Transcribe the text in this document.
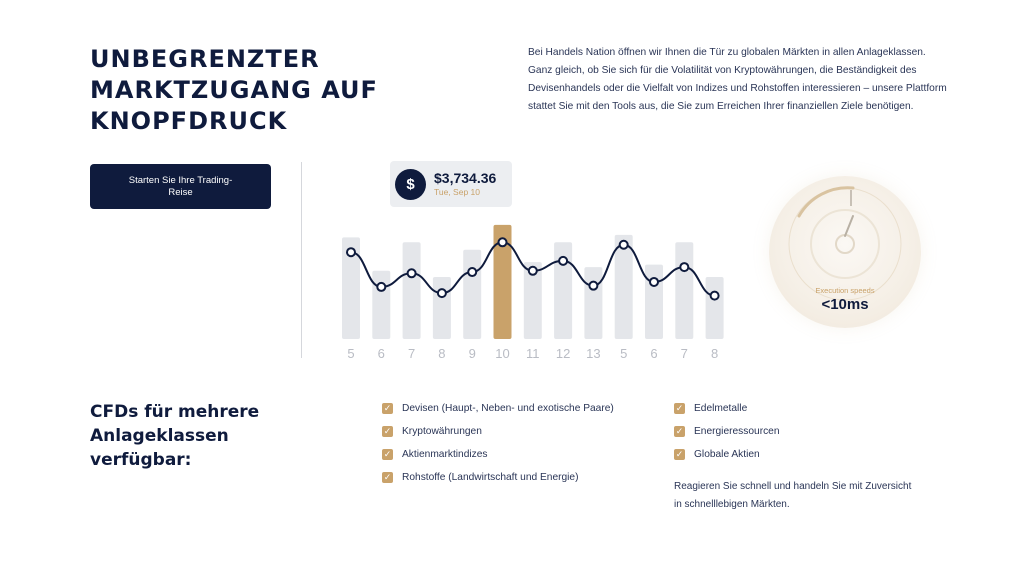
UNBEGRENZTER
MARKTZUGANG AUF
KNOPFDRUCK

Bei Handels Nation öffnen wir Ihnen die Tür zu globalen Märkten in allen Anlageklassen. Ganz gleich, ob Sie sich für die Volatilität von Kryptowährungen, die Beständigkeit des Devisenhandels oder die Vielfalt von Indizes und Rohstoffen interessieren – unsere Plattform stattet Sie mit den Tools aus, die Sie zum Erreichen Ihrer finanziellen Ziele benötigen.

Starten Sie Ihre Trading-Reise	$	$3,734.36
Tue, Sep 10
5 6 7 8 9 10 11 12 13 5 6 7 8
Execution speeds
<10ms
CFDs für mehrere
Anlageklassen
verfügbar:
✓ Devisen (Haupt-, Neben- und exotische Paare)
✓ Kryptowährungen
✓ Aktienmarktindizes
✓ Rohstoffe (Landwirtschaft und Energie)
✓ Edelmetalle
✓ Energieressourcen
✓ Globale Aktien

Reagieren Sie schnell und handeln Sie mit Zuversicht in schnelllebigen Märkten.
